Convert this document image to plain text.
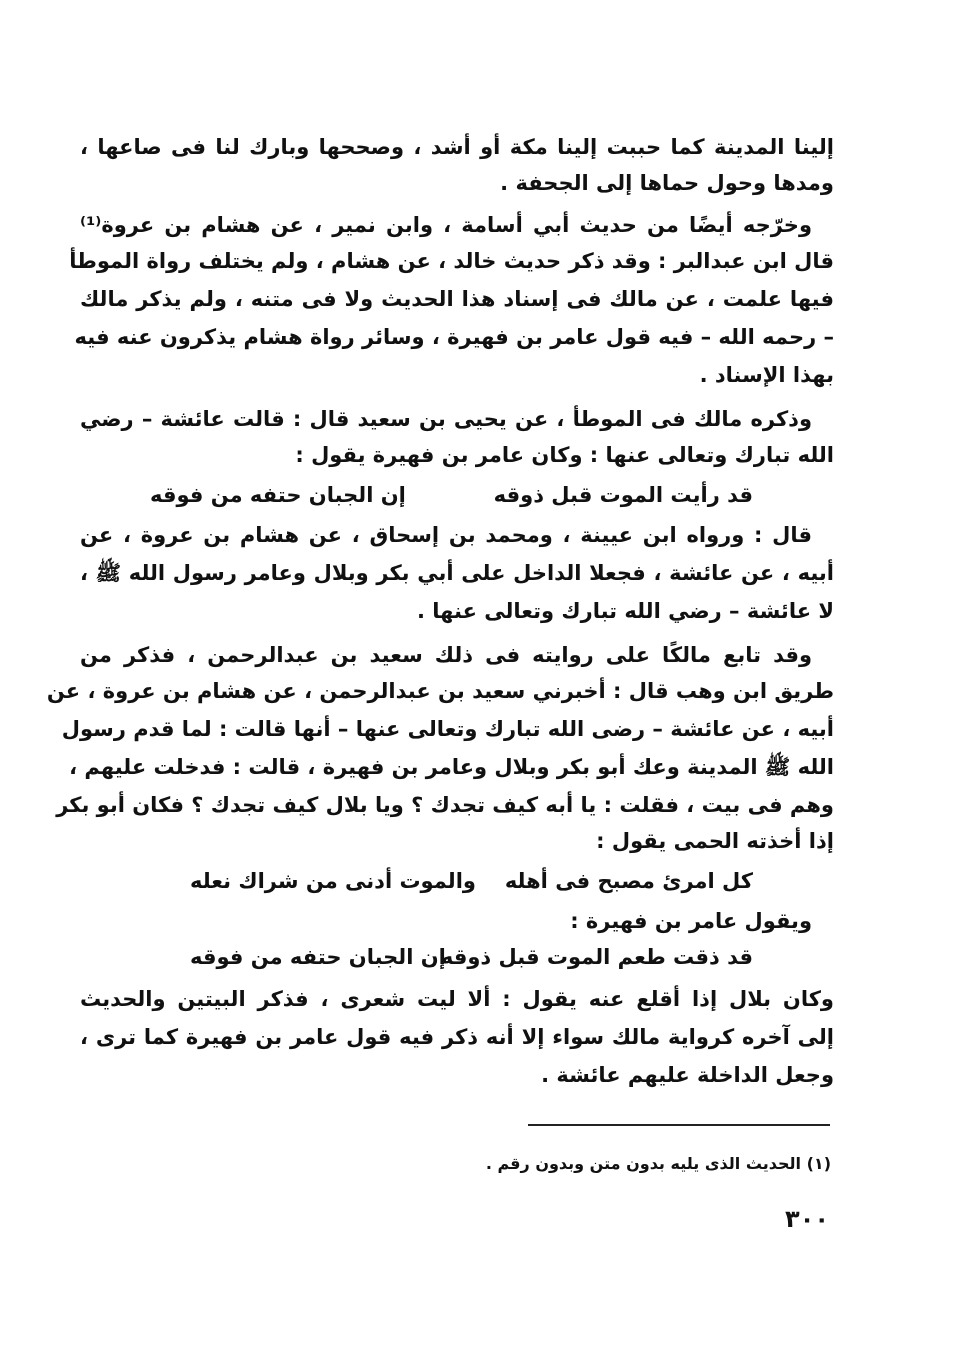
إلينا المدينة كما حببت إلينا مكة أو أشد ، وصححها وبارك لنا فى صاعها ،
ومدها وحول حماها إلى الجحفة .
وخرّجه أيضًا من حديث أبي أسامة ، وابن نمير ، عن هشام بن عروة⁽¹⁾
قال ابن عبدالبر : وقد ذكر حديث خالد ، عن هشام ، ولم يختلف رواة الموطأ
فيها علمت ، عن مالك فى إسناد هذا الحديث ولا فى متنه ، ولم يذكر مالك
– رحمه الله – فيه قول عامر بن فهيرة ، وسائر رواة هشام يذكرون عنه فيه
بهذا الإسناد .
وذكره مالك فى الموطأ ، عن يحيى بن سعيد قال : قالت عائشة – رضي
الله تبارك وتعالى عنها : وكان عامر بن فهيرة يقول :
قال : ورواه ابن عيينة ، ومحمد بن إسحاق ، عن هشام بن عروة ، عن
أبيه ، عن عائشة ، فجعلا الداخل على أبي بكر وبلال وعامر رسول الله ﷺ ،
لا عائشة – رضي الله تبارك وتعالى عنها .
وقد تابع مالكًا على روايته فى ذلك سعيد بن عبدالرحمن ، فذكر من
طريق ابن وهب قال : أخبرني سعيد بن عبدالرحمن ، عن هشام بن عروة ، عن
أبيه ، عن عائشة – رضى الله تبارك وتعالى عنها – أنها قالت : لما قدم رسول
الله ﷺ المدينة وعك أبو بكر وبلال وعامر بن فهيرة ، قالت : فدخلت عليهم ،
وهم فى بيت ، فقلت : يا أبه كيف تجدك ؟ ويا بلال كيف تجدك ؟ فكان أبو بكر
إذا أخذته الحمى يقول :
ويقول عامر بن فهيرة :
وكان بلال إذا أقلع عنه يقول : ألا ليت شعرى ، فذكر البيتين والحديث
إلى آخره كرواية مالك سواء إلا أنه ذكر فيه قول عامر بن فهيرة كما ترى ،
وجعل الداخلة عليهم عائشة .
قد رأيت الموت قبل ذوقه
إن الجبان حتفه من فوقه
كل امرئ مصبح فى أهله
والموت أدنى من شراك نعله
قد ذقت طعم الموت قبل ذوقه
إن الجبان حتفه من فوقه
(١) الحديث الذى يليه بدون متن وبدون رقم .
٣٠٠
